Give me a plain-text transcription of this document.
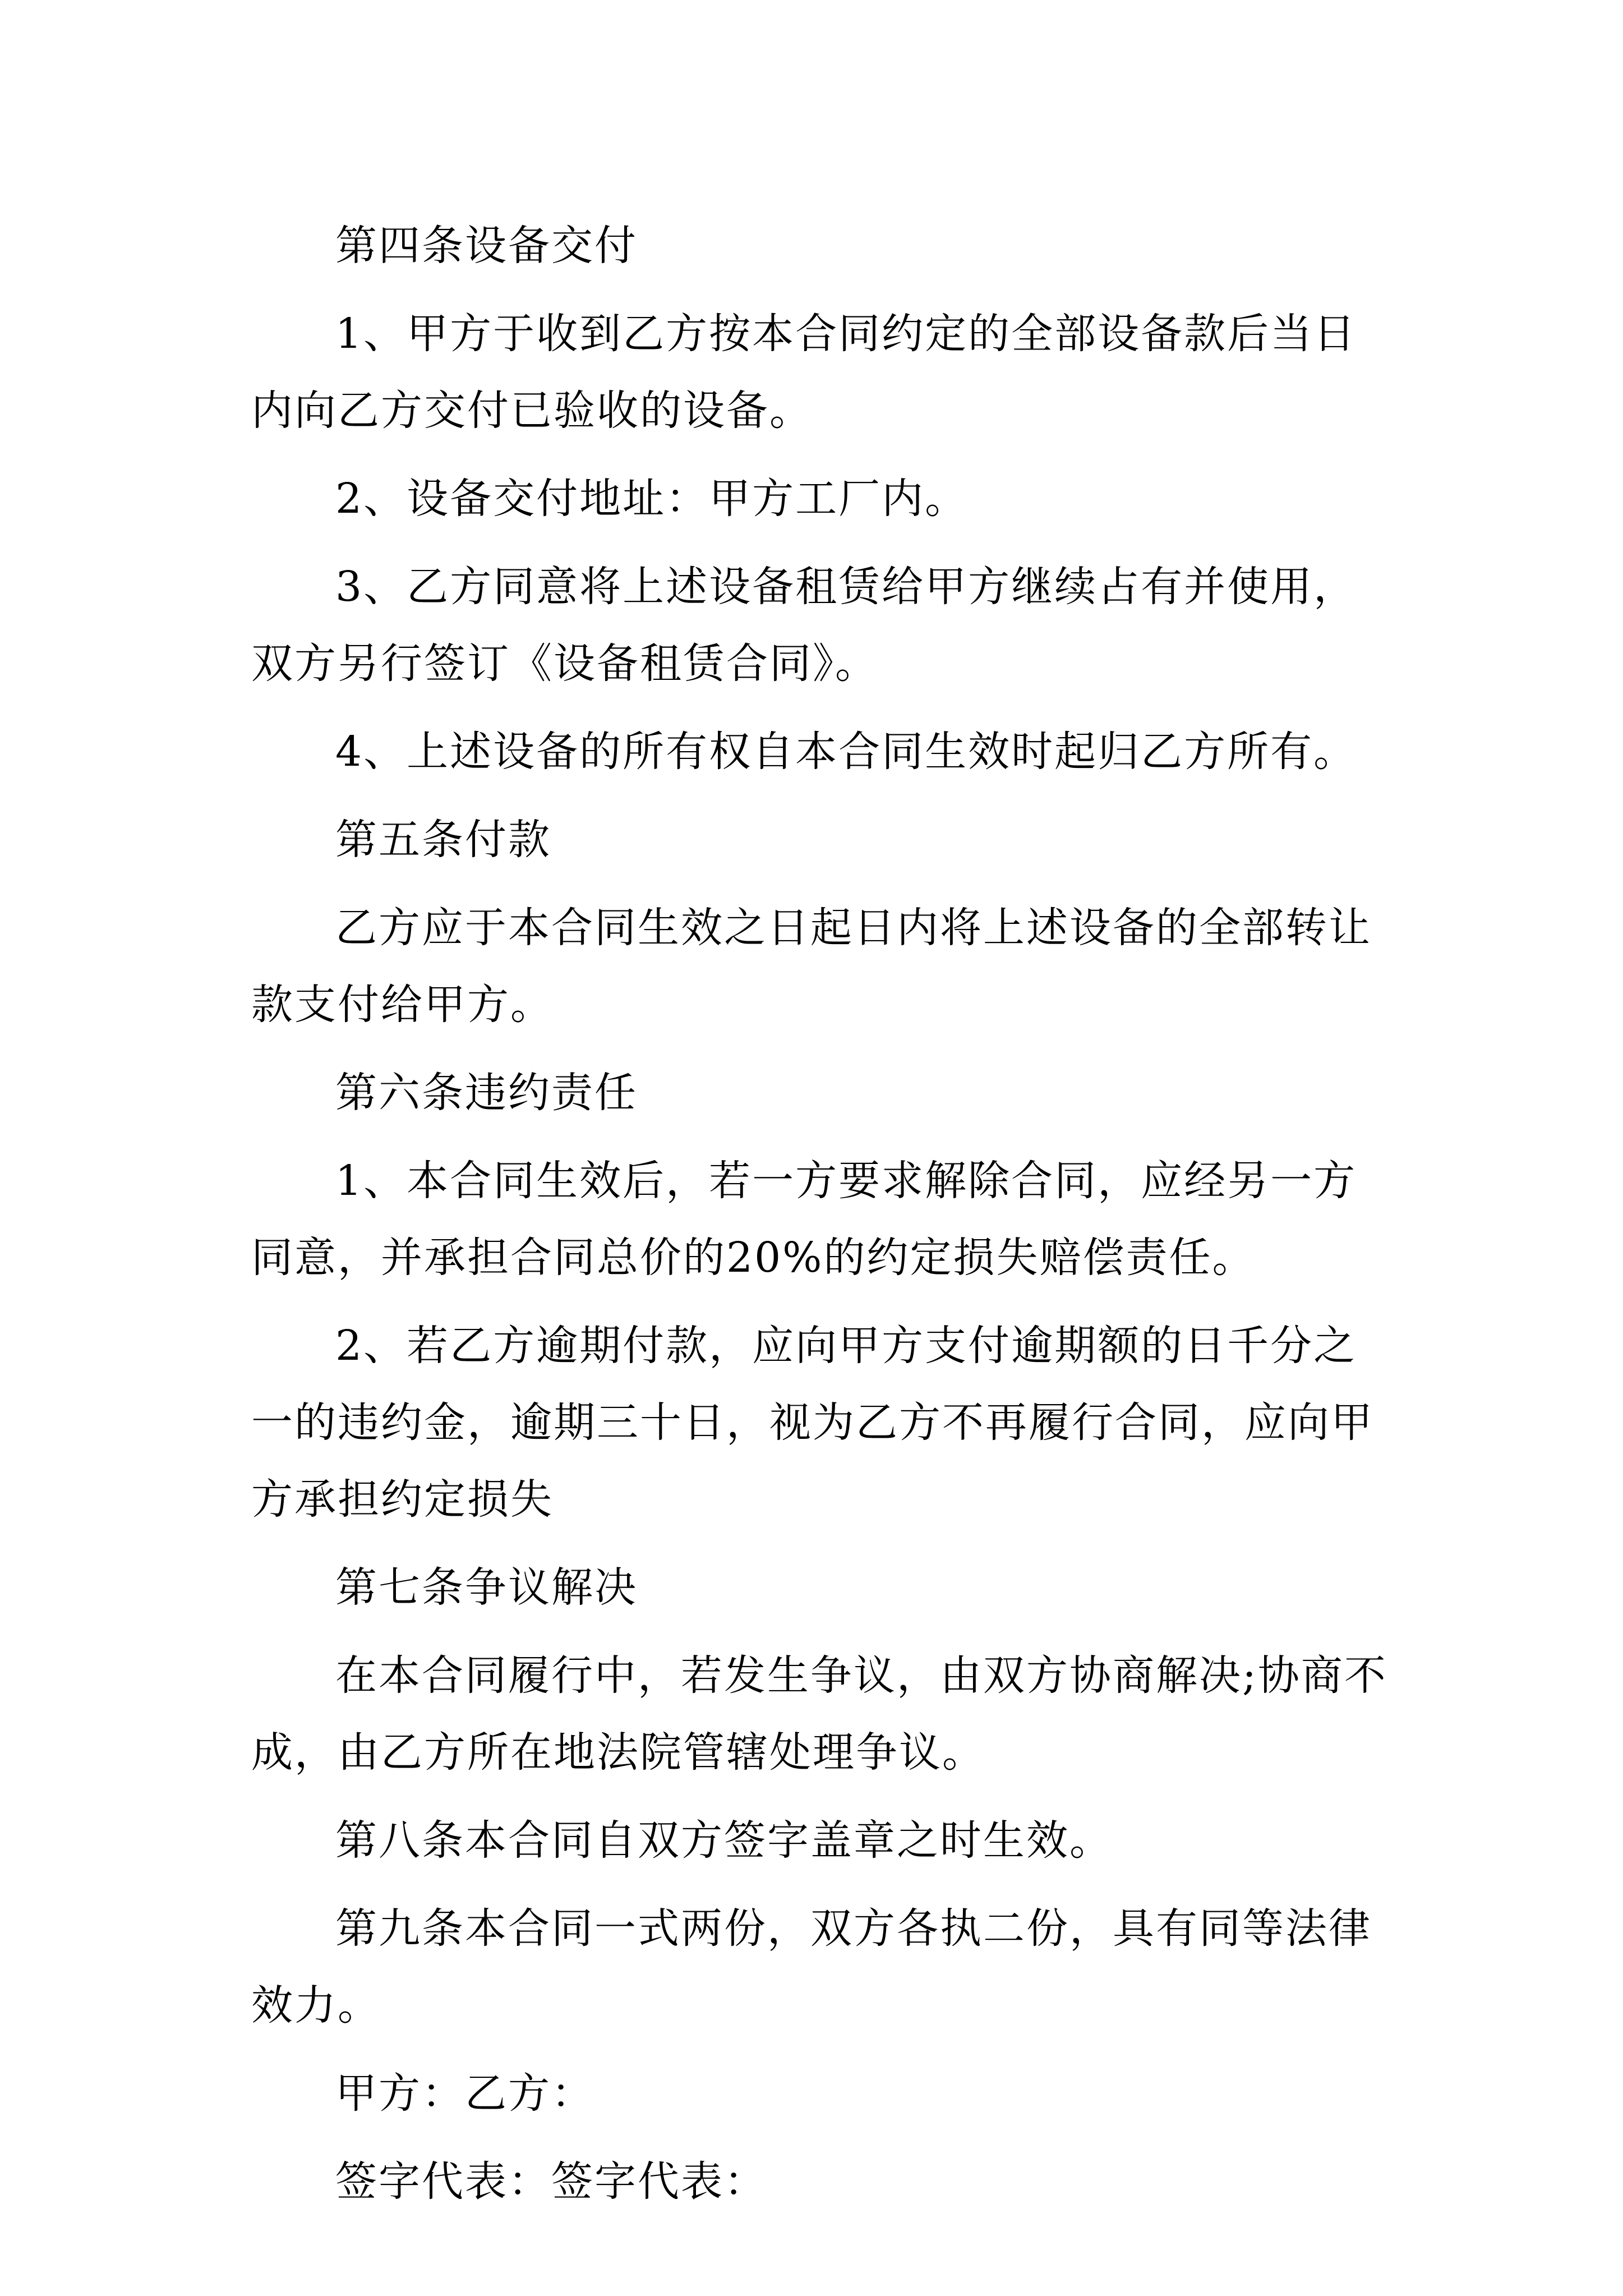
第四条设备交付

1、甲方于收到乙方按本合同约定的全部设备款后当日内向乙方交付已验收的设备。

2、设备交付地址：甲方工厂内。

3、乙方同意将上述设备租赁给甲方继续占有并使用，双方另行签订《设备租赁合同》。

4、上述设备的所有权自本合同生效时起归乙方所有。

第五条付款

乙方应于本合同生效之日起日内将上述设备的全部转让款支付给甲方。

第六条违约责任

1、本合同生效后，若一方要求解除合同，应经另一方同意，并承担合同总价的20%的约定损失赔偿责任。

2、若乙方逾期付款，应向甲方支付逾期额的日千分之一的违约金，逾期三十日，视为乙方不再履行合同，应向甲方承担约定损失

第七条争议解决

在本合同履行中，若发生争议，由双方协商解决;协商不成，由乙方所在地法院管辖处理争议。

第八条本合同自双方签字盖章之时生效。

第九条本合同一式两份，双方各执二份，具有同等法律效力。

甲方：乙方：

签字代表：签字代表：
